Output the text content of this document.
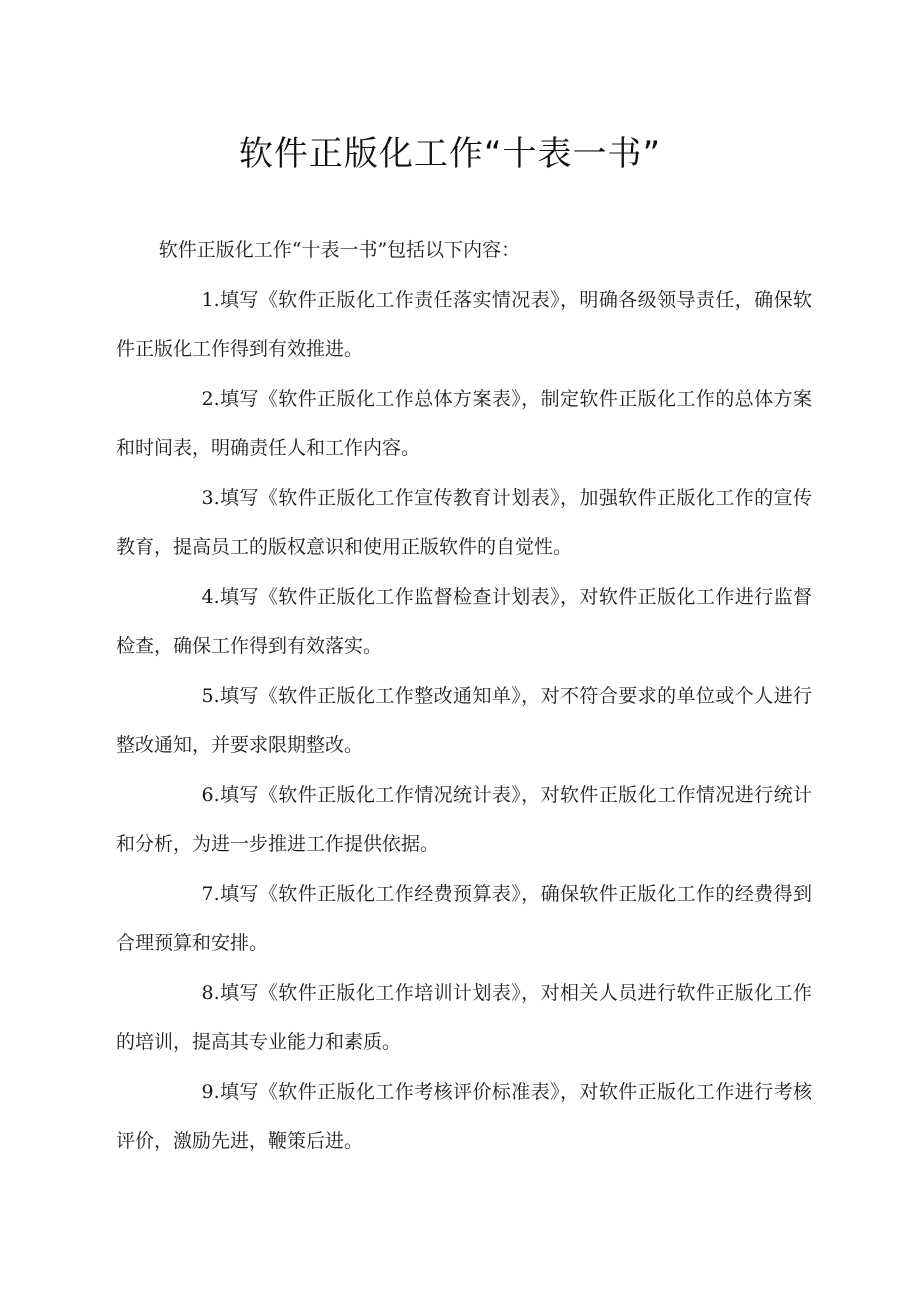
软件正版化工作“十表一书”

软件正版化工作“十表一书”包括以下内容：

1.填写《软件正版化工作责任落实情况表》，明确各级领导责任，确保软件正版化工作得到有效推进。

2.填写《软件正版化工作总体方案表》，制定软件正版化工作的总体方案和时间表，明确责任人和工作内容。

3.填写《软件正版化工作宣传教育计划表》，加强软件正版化工作的宣传教育，提高员工的版权意识和使用正版软件的自觉性。

4.填写《软件正版化工作监督检查计划表》，对软件正版化工作进行监督检查，确保工作得到有效落实。

5.填写《软件正版化工作整改通知单》，对不符合要求的单位或个人进行整改通知，并要求限期整改。

6.填写《软件正版化工作情况统计表》，对软件正版化工作情况进行统计和分析，为进一步推进工作提供依据。

7.填写《软件正版化工作经费预算表》，确保软件正版化工作的经费得到合理预算和安排。

8.填写《软件正版化工作培训计划表》，对相关人员进行软件正版化工作的培训，提高其专业能力和素质。

9.填写《软件正版化工作考核评价标准表》，对软件正版化工作进行考核评价，激励先进，鞭策后进。
